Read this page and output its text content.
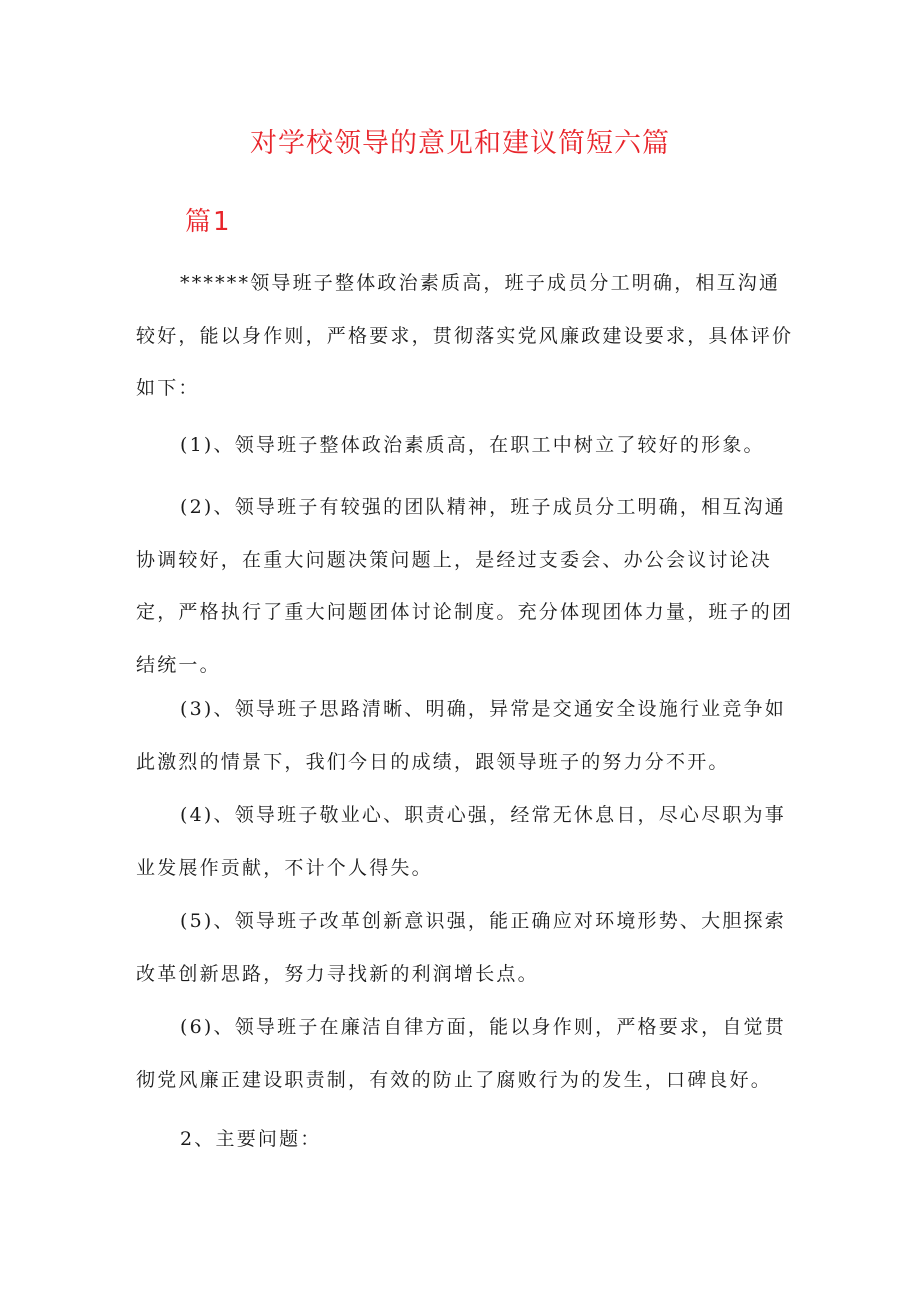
对学校领导的意见和建议简短六篇
篇1

******领导班子整体政治素质高，班子成员分工明确，相互沟通较好，能以身作则，严格要求，贯彻落实党风廉政建设要求，具体评价如下：

(1)、领导班子整体政治素质高，在职工中树立了较好的形象。

(2)、领导班子有较强的团队精神，班子成员分工明确，相互沟通协调较好，在重大问题决策问题上，是经过支委会、办公会议讨论决定，严格执行了重大问题团体讨论制度。充分体现团体力量，班子的团结统一。

(3)、领导班子思路清晰、明确，异常是交通安全设施行业竞争如此激烈的情景下，我们今日的成绩，跟领导班子的努力分不开。

(4)、领导班子敬业心、职责心强，经常无休息日，尽心尽职为事业发展作贡献，不计个人得失。

(5)、领导班子改革创新意识强，能正确应对环境形势、大胆探索改革创新思路，努力寻找新的利润增长点。

(6)、领导班子在廉洁自律方面，能以身作则，严格要求，自觉贯彻党风廉正建设职责制，有效的防止了腐败行为的发生，口碑良好。

2、主要问题：
